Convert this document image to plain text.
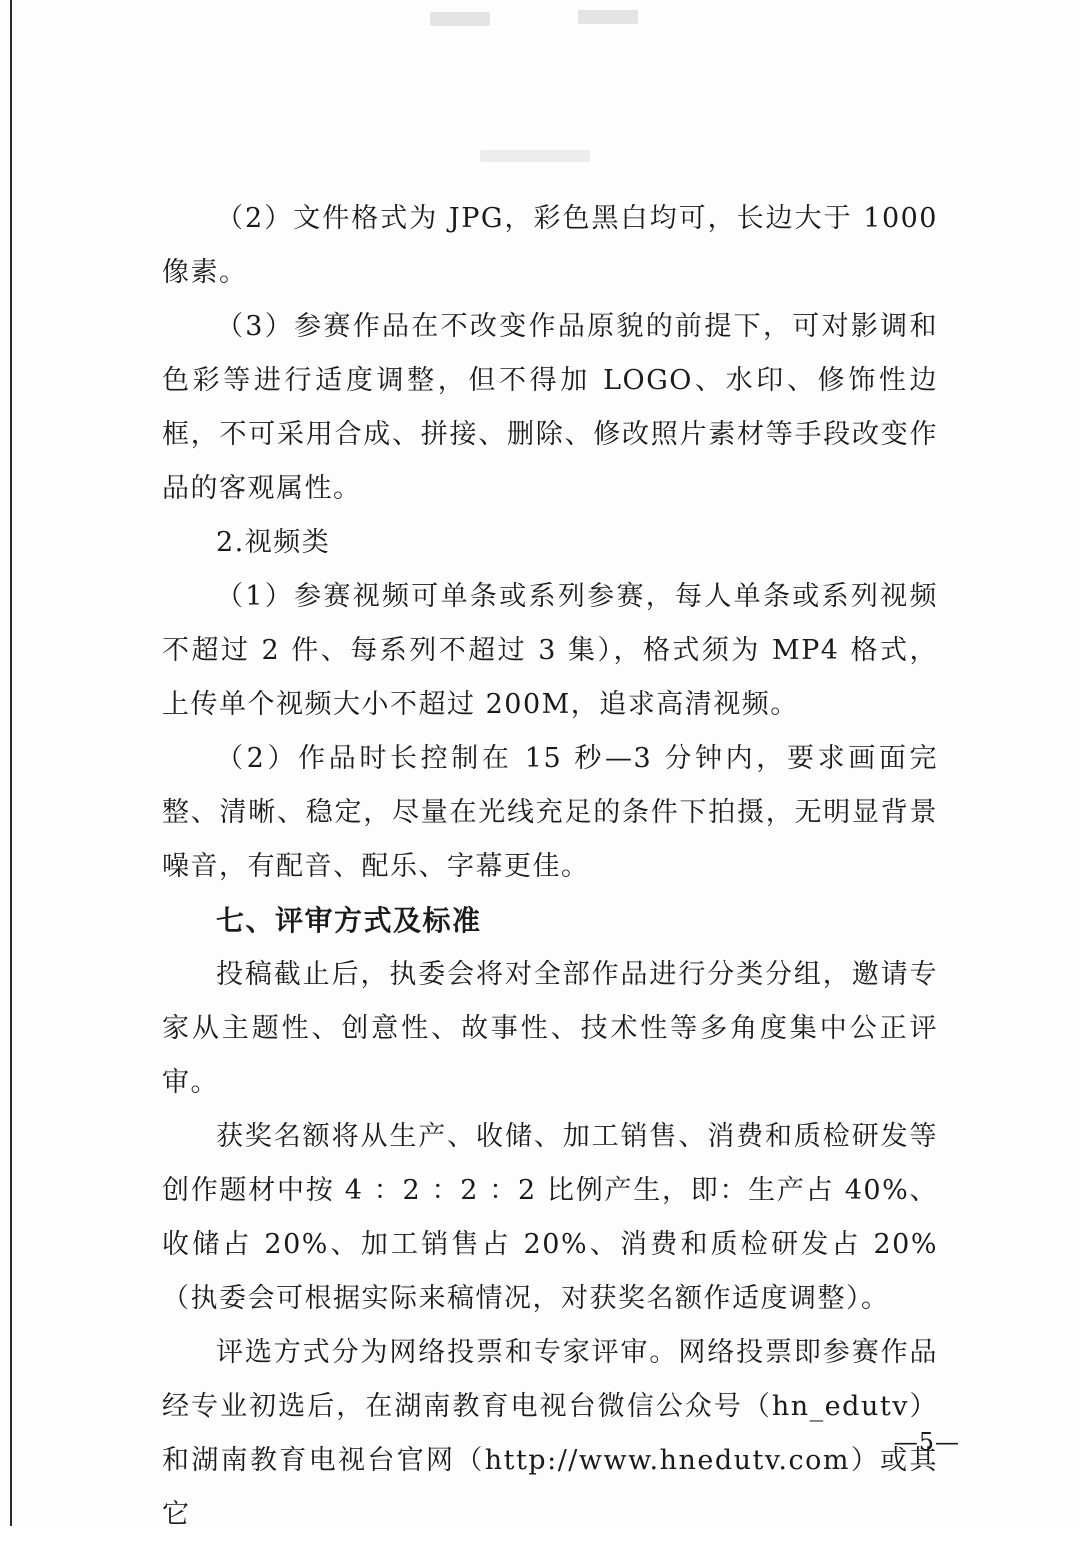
（2）文件格式为 JPG，彩色黑白均可，长边大于 1000 像素。

（3）参赛作品在不改变作品原貌的前提下，可对影调和色彩等进行适度调整，但不得加 LOGO、水印、修饰性边框，不可采用合成、拼接、删除、修改照片素材等手段改变作品的客观属性。

2.视频类

（1）参赛视频可单条或系列参赛，每人单条或系列视频不超过 2 件、每系列不超过 3 集），格式须为 MP4 格式，上传单个视频大小不超过 200M，追求高清视频。

（2）作品时长控制在 15 秒—3 分钟内，要求画面完整、清晰、稳定，尽量在光线充足的条件下拍摄，无明显背景噪音，有配音、配乐、字幕更佳。

七、评审方式及标准

投稿截止后，执委会将对全部作品进行分类分组，邀请专家从主题性、创意性、故事性、技术性等多角度集中公正评审。

获奖名额将从生产、收储、加工销售、消费和质检研发等创作题材中按 4 ：2 ：2 ：2 比例产生，即：生产占 40%、收储占 20%、加工销售占 20%、消费和质检研发占 20%（执委会可根据实际来稿情况，对获奖名额作适度调整）。

评选方式分为网络投票和专家评审。网络投票即参赛作品经专业初选后，在湖南教育电视台微信公众号（hn_edutv）和湖南教育电视台官网（http://www.hnedutv.com）或其它

—5—
